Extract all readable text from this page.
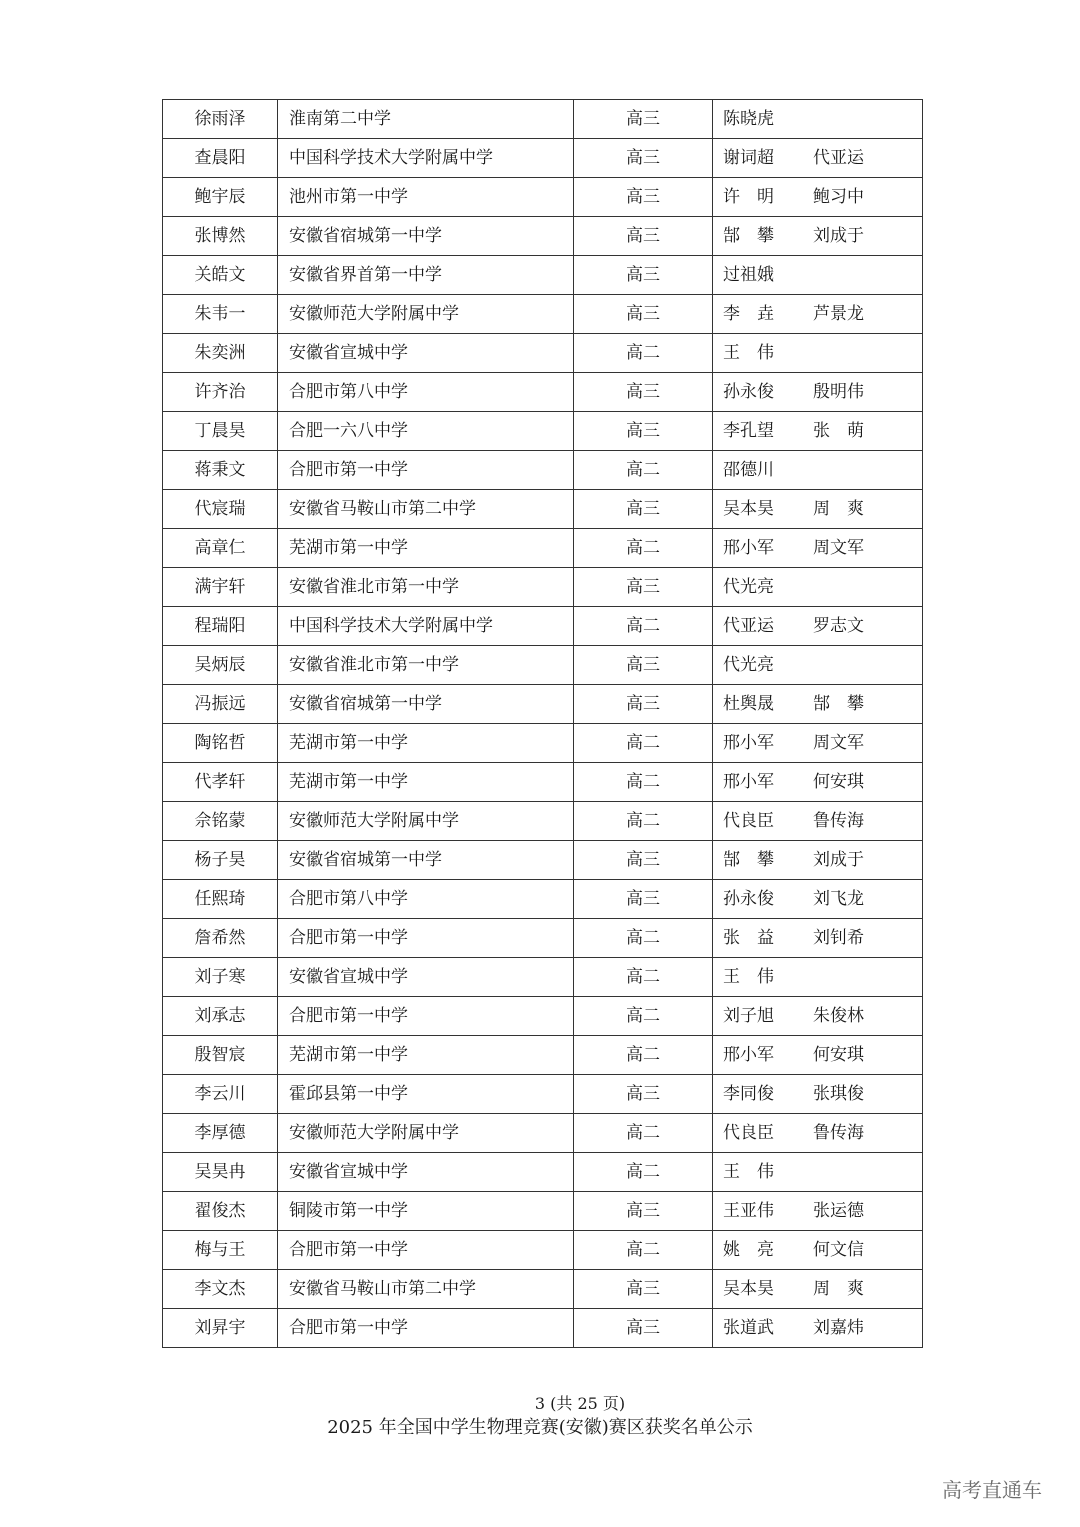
徐雨泽	淮南第二中学	高三	陈晓虎
查晨阳	中国科学技术大学附属中学	高三	谢词超 代亚运
鲍宇辰	池州市第一中学	高三	许　明 鲍习中
张博然	安徽省宿城第一中学	高三	郜　攀 刘成于
关皓文	安徽省界首第一中学	高三	过祖娥
朱韦一	安徽师范大学附属中学	高三	李　垚 芦景龙
朱奕洲	安徽省宣城中学	高二	王　伟
许齐治	合肥市第八中学	高三	孙永俊 殷明伟
丁晨昊	合肥一六八中学	高三	李孔望 张　萌
蒋秉文	合肥市第一中学	高二	邵德川
代宸瑞	安徽省马鞍山市第二中学	高三	吴本昊 周　爽
高章仁	芜湖市第一中学	高二	邢小军 周文军
满宇轩	安徽省淮北市第一中学	高三	代光亮
程瑞阳	中国科学技术大学附属中学	高二	代亚运 罗志文
吴炳辰	安徽省淮北市第一中学	高三	代光亮
冯振远	安徽省宿城第一中学	高三	杜舆晟 郜　攀
陶铭哲	芜湖市第一中学	高二	邢小军 周文军
代孝轩	芜湖市第一中学	高二	邢小军 何安琪
佘铭蒙	安徽师范大学附属中学	高二	代良臣 鲁传海
杨子昊	安徽省宿城第一中学	高三	郜　攀 刘成于
任熙琦	合肥市第八中学	高三	孙永俊 刘飞龙
詹希然	合肥市第一中学	高二	张　益 刘钊希
刘子寒	安徽省宣城中学	高二	王　伟
刘承志	合肥市第一中学	高二	刘子旭 朱俊林
殷智宸	芜湖市第一中学	高二	邢小军 何安琪
李云川	霍邱县第一中学	高三	李同俊 张琪俊
李厚德	安徽师范大学附属中学	高二	代良臣 鲁传海
吴昊冉	安徽省宣城中学	高二	王　伟
翟俊杰	铜陵市第一中学	高三	王亚伟 张运德
梅与王	合肥市第一中学	高二	姚　亮 何文信
李文杰	安徽省马鞍山市第二中学	高三	吴本昊 周　爽
刘昇宇	合肥市第一中学	高三	张道武 刘嘉炜
3 (共 25 页)
2025 年全国中学生物理竞赛(安徽)赛区获奖名单公示
高考直通车
